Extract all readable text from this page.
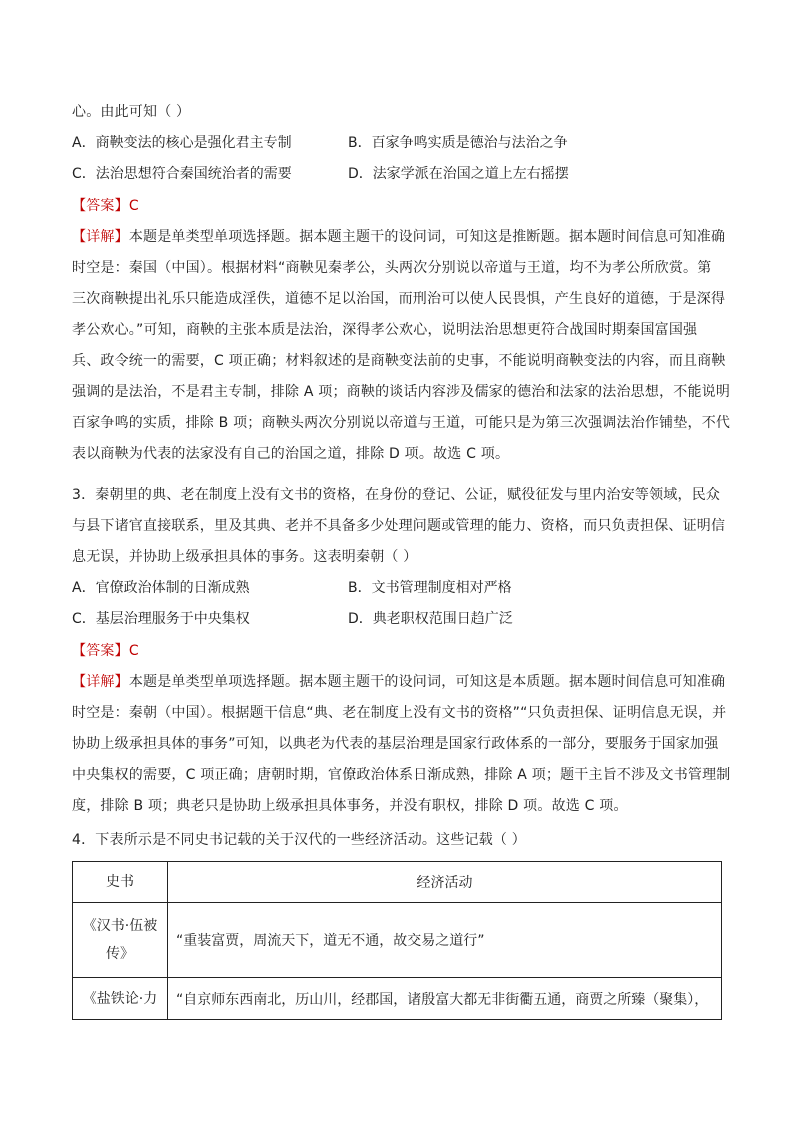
心。由此可知（ ）
A．商鞅变法的核心是强化君主专制	B．百家争鸣实质是德治与法治之争
C．法治思想符合秦国统治者的需要	D．法家学派在治国之道上左右摇摆
【答案】C
【详解】本题是单类型单项选择题。据本题主题干的设问词，可知这是推断题。据本题时间信息可知准确
时空是：秦国（中国）。根据材料“商鞅见秦孝公，头两次分别说以帝道与王道，均不为孝公所欣赏。第
三次商鞅提出礼乐只能造成淫佚，道德不足以治国，而刑治可以使人民畏惧，产生良好的道德，于是深得
孝公欢心。”可知，商鞅的主张本质是法治，深得孝公欢心，说明法治思想更符合战国时期秦国富国强
兵、政令统一的需要，C 项正确；材料叙述的是商鞅变法前的史事，不能说明商鞅变法的内容，而且商鞅
强调的是法治，不是君主专制，排除 A 项；商鞅的谈话内容涉及儒家的德治和法家的法治思想，不能说明
百家争鸣的实质，排除 B 项；商鞅头两次分别说以帝道与王道，可能只是为第三次强调法治作铺垫，不代
表以商鞅为代表的法家没有自己的治国之道，排除 D 项。故选 C 项。
3．秦朝里的典、老在制度上没有文书的资格，在身份的登记、公证，赋役征发与里内治安等领域，民众
与县下诸官直接联系，里及其典、老并不具备多少处理问题或管理的能力、资格，而只负责担保、证明信
息无误，并协助上级承担具体的事务。这表明秦朝（ ）
A．官僚政治体制的日渐成熟	B．文书管理制度相对严格
C．基层治理服务于中央集权	D．典老职权范围日趋广泛
【答案】C
【详解】本题是单类型单项选择题。据本题主题干的设问词，可知这是本质题。据本题时间信息可知准确
时空是：秦朝（中国）。根据题干信息“典、老在制度上没有文书的资格”“只负责担保、证明信息无误，并
协助上级承担具体的事务”可知，以典老为代表的基层治理是国家行政体系的一部分，要服务于国家加强
中央集权的需要，C 项正确；唐朝时期，官僚政治体系日渐成熟，排除 A 项；题干主旨不涉及文书管理制
度，排除 B 项；典老只是协助上级承担具体事务，并没有职权，排除 D 项。故选 C 项。
4．下表所示是不同史书记载的关于汉代的一些经济活动。这些记载（ ）
史书	经济活动
《汉书·伍被传》	“重装富贾，周流天下，道无不通，故交易之道行”
《盐铁论·力	“自京师东西南北，历山川，经郡国，诸殷富大都无非街衢五通，商贾之所臻（聚集），
